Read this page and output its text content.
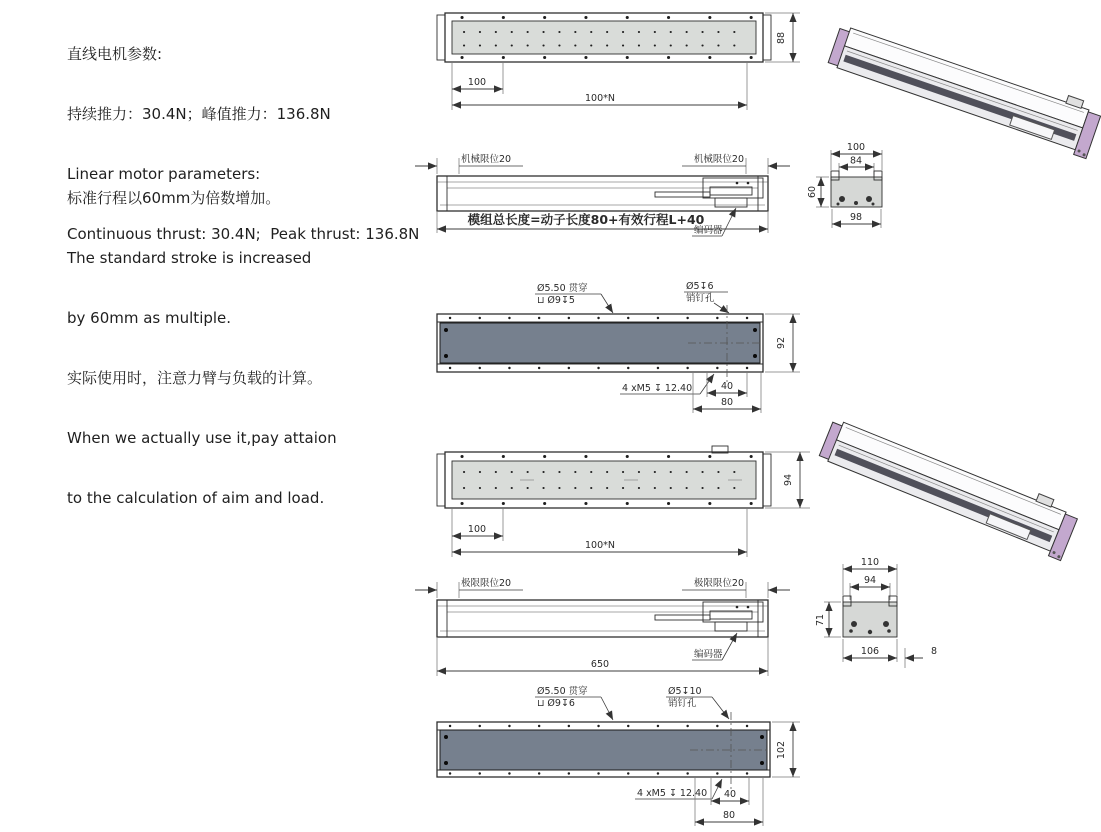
直线电机参数:

持续推力：30.4N；峰值推力：136.8N

Linear motor parameters:

Continuous thrust: 30.4N;  Peak thrust: 136.8N

标准行程以60mm为倍数增加。

The standard stroke is increased

by 60mm as multiple.

实际使用时，注意力臂与负载的计算。

When we actually use it,pay attaion

to the calculation of aim and load.

100
100*N
88
机械限位20	机械限位20
模组总长度=动子长度80+有效行程L+40
编码器
100
84
60
98
Ø5.50 贯穿
⊔ Ø9↧5
Ø5↧6
销钉孔
92
4 xM5 ↧ 12.40	40
80
100
100*N
94
极限限位20	极限限位20
650
编码器
110
94
71
106	8
Ø5.50 贯穿
⊔ Ø9↧6
Ø5↧10
销钉孔
102
4 xM5 ↧ 12.40 40
80
